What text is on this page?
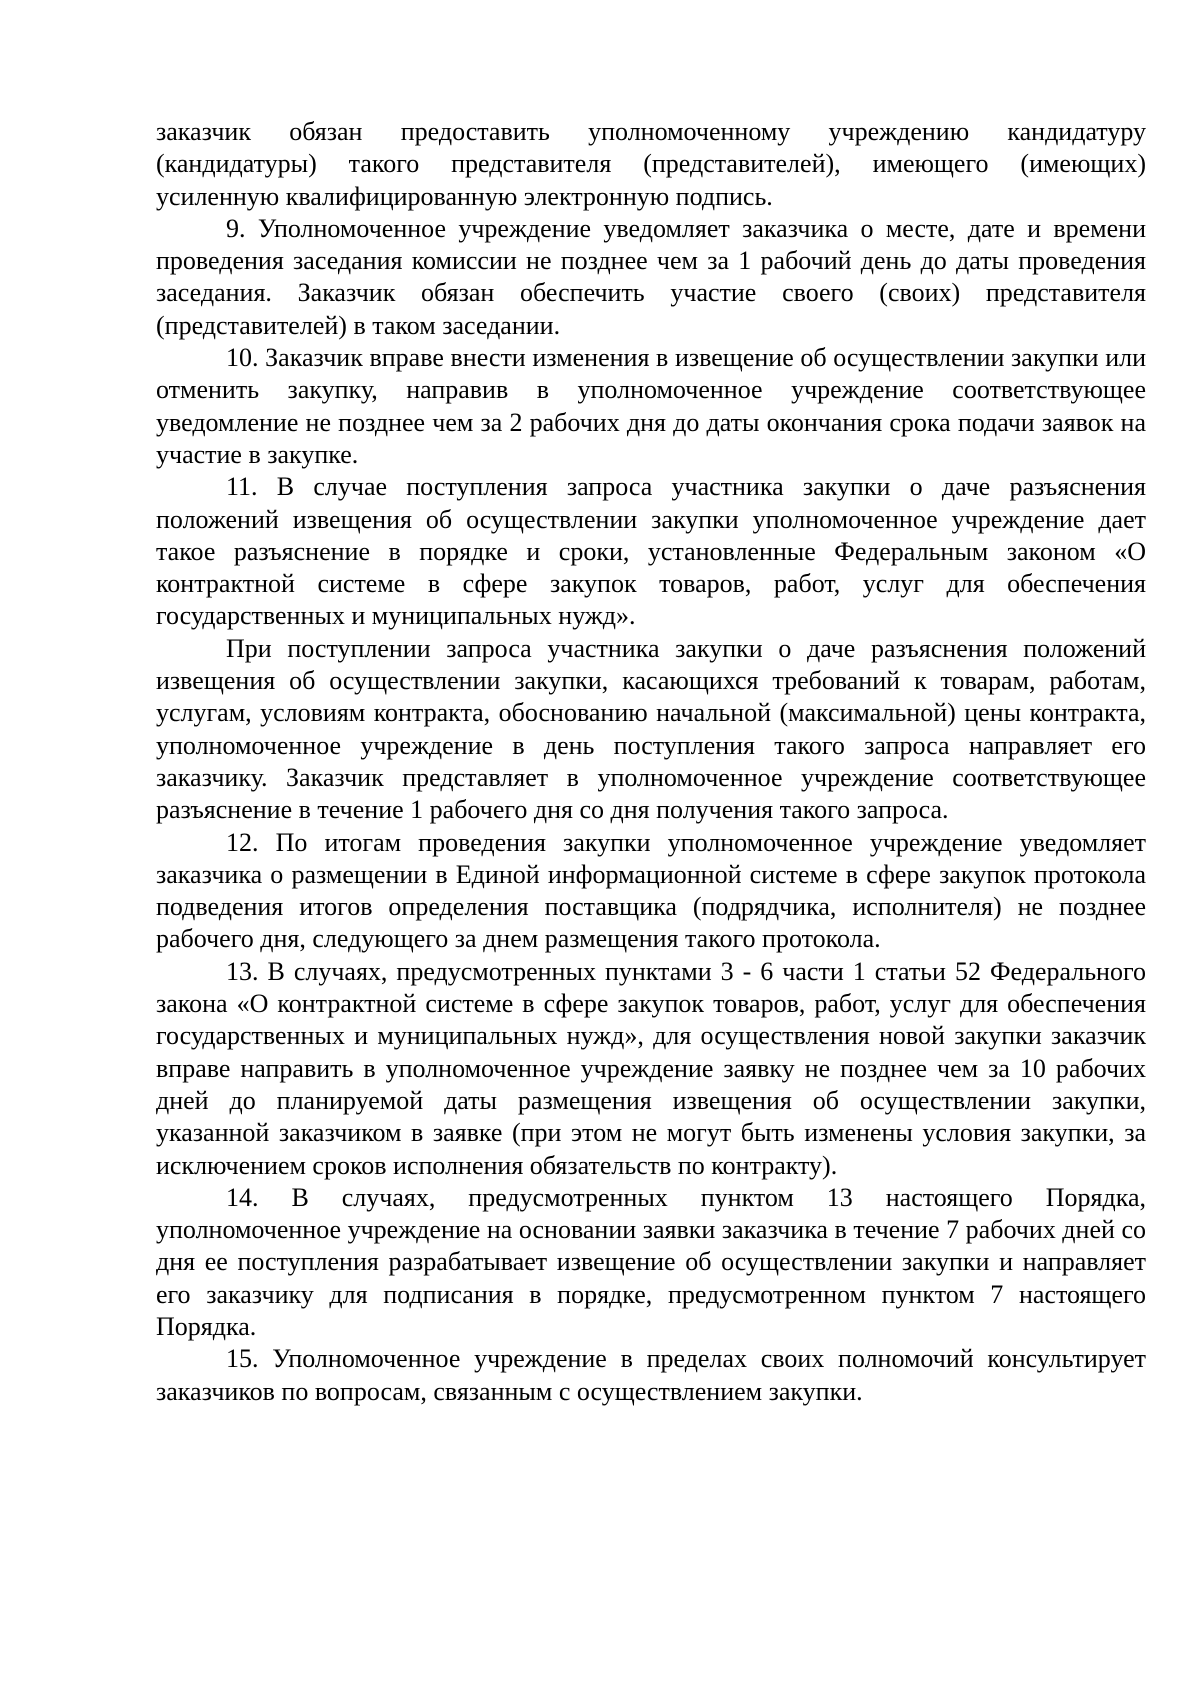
заказчик обязан предоставить уполномоченному учреждению кандидатуру (кандидатуры) такого представителя (представителей), имеющего (имеющих) усиленную квалифицированную электронную подпись.

9. Уполномоченное учреждение уведомляет заказчика о месте, дате и времени проведения заседания комиссии не позднее чем за 1 рабочий день до даты проведения заседания. Заказчик обязан обеспечить участие своего (своих) представителя (представителей) в таком заседании.

10. Заказчик вправе внести изменения в извещение об осуществлении закупки или отменить закупку, направив в уполномоченное учреждение соответствующее уведомление не позднее чем за 2 рабочих дня до даты окончания срока подачи заявок на участие в закупке.

11. В случае поступления запроса участника закупки о даче разъяснения положений извещения об осуществлении закупки уполномоченное учреждение дает такое разъяснение в порядке и сроки, установленные Федеральным законом «О контрактной системе в сфере закупок товаров, работ, услуг для обеспечения государственных и муниципальных нужд».

При поступлении запроса участника закупки о даче разъяснения положений извещения об осуществлении закупки, касающихся требований к товарам, работам, услугам, условиям контракта, обоснованию начальной (максимальной) цены контракта, уполномоченное учреждение в день поступления такого запроса направляет его заказчику. Заказчик представляет в уполномоченное учреждение соответствующее разъяснение в течение 1 рабочего дня со дня получения такого запроса.

12. По итогам проведения закупки уполномоченное учреждение уведомляет заказчика о размещении в Единой информационной системе в сфере закупок протокола подведения итогов определения поставщика (подрядчика, исполнителя) не позднее рабочего дня, следующего за днем размещения такого протокола.

13. В случаях, предусмотренных пунктами 3 - 6 части 1 статьи 52 Федерального закона «О контрактной системе в сфере закупок товаров, работ, услуг для обеспечения государственных и муниципальных нужд», для осуществления новой закупки заказчик вправе направить в уполномоченное учреждение заявку не позднее чем за 10 рабочих дней до планируемой даты размещения извещения об осуществлении закупки, указанной заказчиком в заявке (при этом не могут быть изменены условия закупки, за исключением сроков исполнения обязательств по контракту).

14. В случаях, предусмотренных пунктом 13 настоящего Порядка, уполномоченное учреждение на основании заявки заказчика в течение 7 рабочих дней со дня ее поступления разрабатывает извещение об осуществлении закупки и направляет его заказчику для подписания в порядке, предусмотренном пунктом 7 настоящего Порядка.

15. Уполномоченное учреждение в пределах своих полномочий консультирует заказчиков по вопросам, связанным с осуществлением закупки.
